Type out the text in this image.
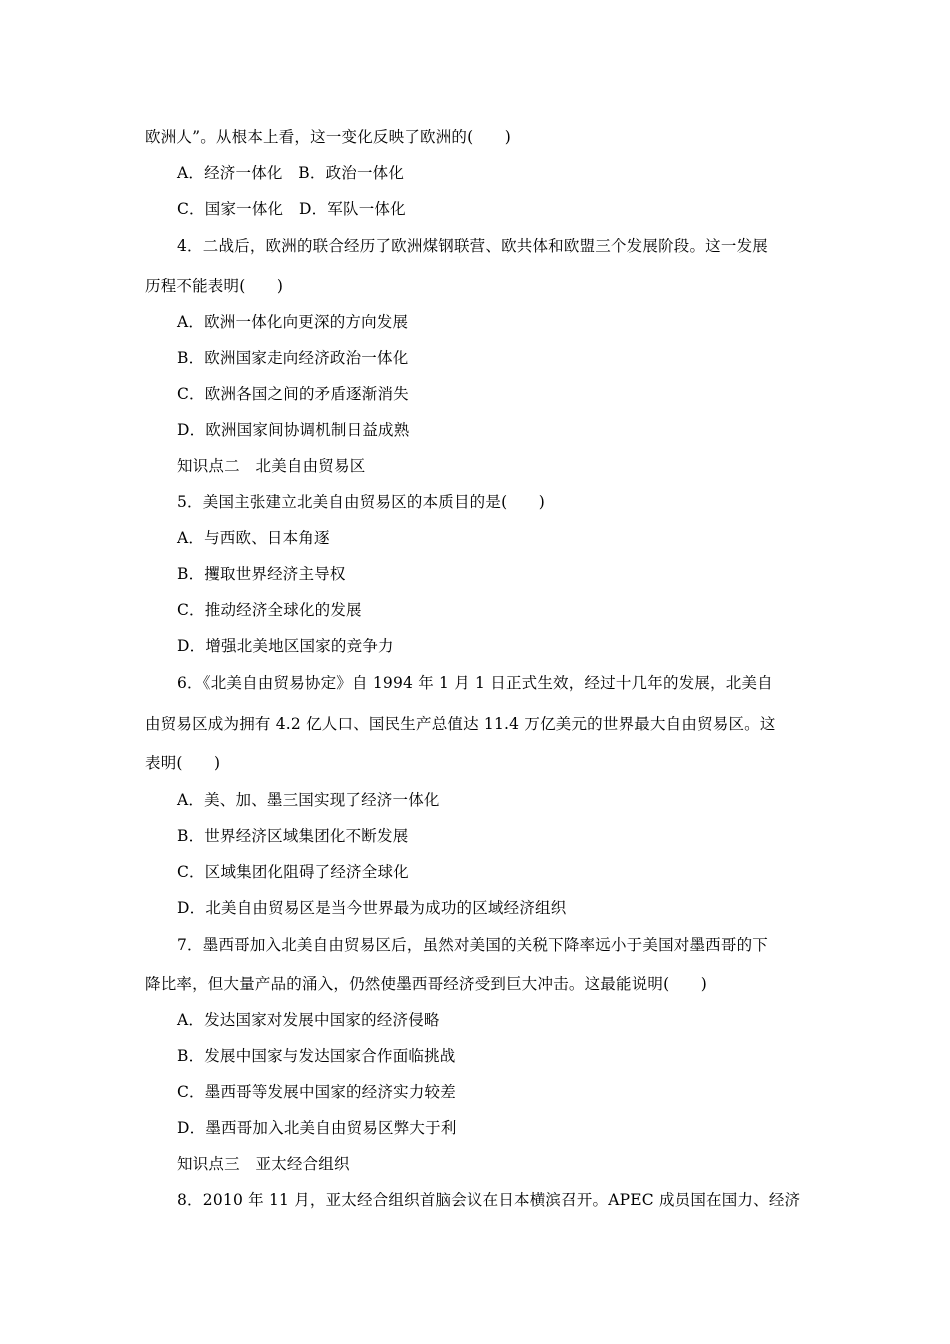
欧洲人”。从根本上看，这一变化反映了欧洲的(　　)
A．经济一体化　B．政治一体化
C．国家一体化　D．军队一体化
4．二战后，欧洲的联合经历了欧洲煤钢联营、欧共体和欧盟三个发展阶段。这一发展
历程不能表明(　　)
A．欧洲一体化向更深的方向发展
B．欧洲国家走向经济政治一体化
C．欧洲各国之间的矛盾逐渐消失
D．欧洲国家间协调机制日益成熟
知识点二　北美自由贸易区
5．美国主张建立北美自由贸易区的本质目的是(　　)
A．与西欧、日本角逐
B．攫取世界经济主导权
C．推动经济全球化的发展
D．增强北美地区国家的竞争力
6．《北美自由贸易协定》自 1994 年 1 月 1 日正式生效，经过十几年的发展，北美自
由贸易区成为拥有 4.2 亿人口、国民生产总值达 11.4 万亿美元的世界最大自由贸易区。这
表明(　　)
A．美、加、墨三国实现了经济一体化
B．世界经济区域集团化不断发展
C．区域集团化阻碍了经济全球化
D．北美自由贸易区是当今世界最为成功的区域经济组织
7．墨西哥加入北美自由贸易区后，虽然对美国的关税下降率远小于美国对墨西哥的下
降比率，但大量产品的涌入，仍然使墨西哥经济受到巨大冲击。这最能说明(　　)
A．发达国家对发展中国家的经济侵略
B．发展中国家与发达国家合作面临挑战
C．墨西哥等发展中国家的经济实力较差
D．墨西哥加入北美自由贸易区弊大于利
知识点三　亚太经合组织
8．2010 年 11 月，亚太经合组织首脑会议在日本横滨召开。APEC 成员国在国力、经济
